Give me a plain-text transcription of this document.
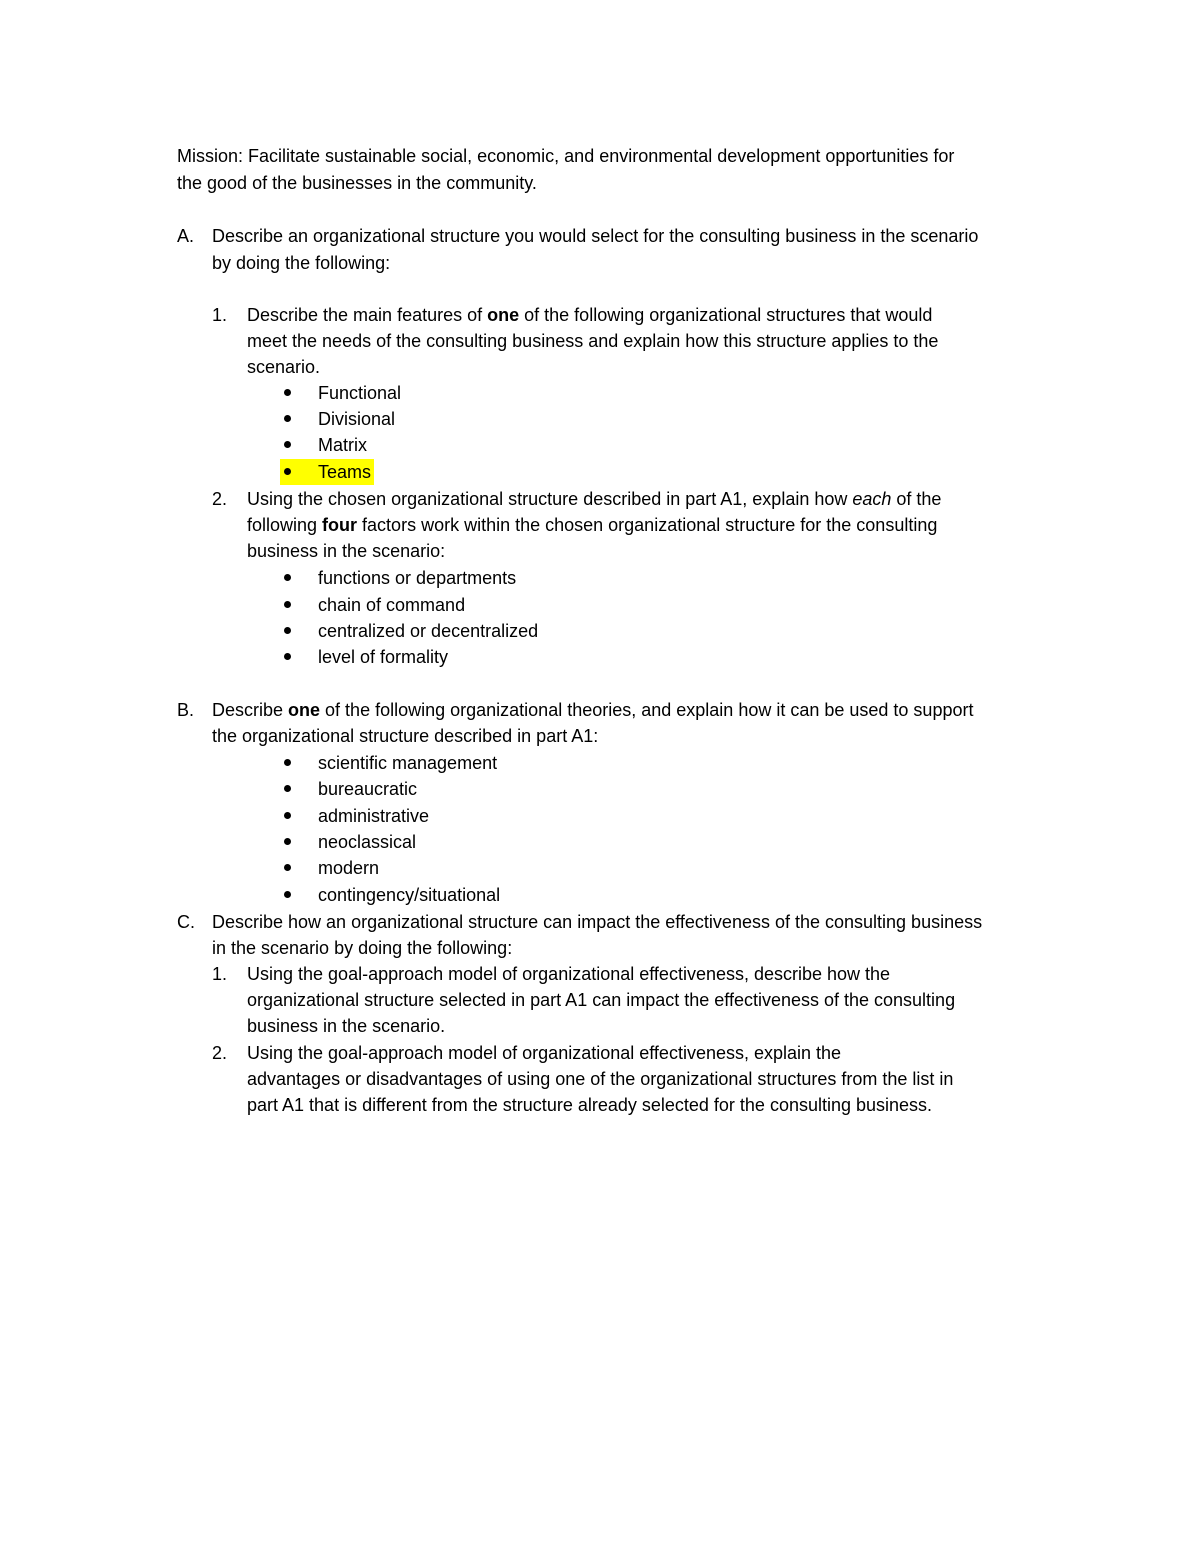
Mission: Facilitate sustainable social, economic, and environmental development opportunities for
the good of the businesses in the community.
A. Describe an organizational structure you would select for the consulting business in the scenario
by doing the following:
1. Describe the main features of one of the following organizational structures that would
meet the needs of the consulting business and explain how this structure applies to the
scenario.
Functional
Divisional
Matrix
Teams
2. Using the chosen organizational structure described in part A1, explain how each of the
following four factors work within the chosen organizational structure for the consulting
business in the scenario:
functions or departments
chain of command
centralized or decentralized
level of formality
B. Describe one of the following organizational theories, and explain how it can be used to support
the organizational structure described in part A1:
scientific management
bureaucratic
administrative
neoclassical
modern
contingency/situational
C. Describe how an organizational structure can impact the effectiveness of the consulting business
in the scenario by doing the following:
1. Using the goal-approach model of organizational effectiveness, describe how the
organizational structure selected in part A1 can impact the effectiveness of the consulting
business in the scenario.
2. Using the goal-approach model of organizational effectiveness, explain the
advantages or disadvantages of using one of the organizational structures from the list in
part A1 that is different from the structure already selected for the consulting business.
